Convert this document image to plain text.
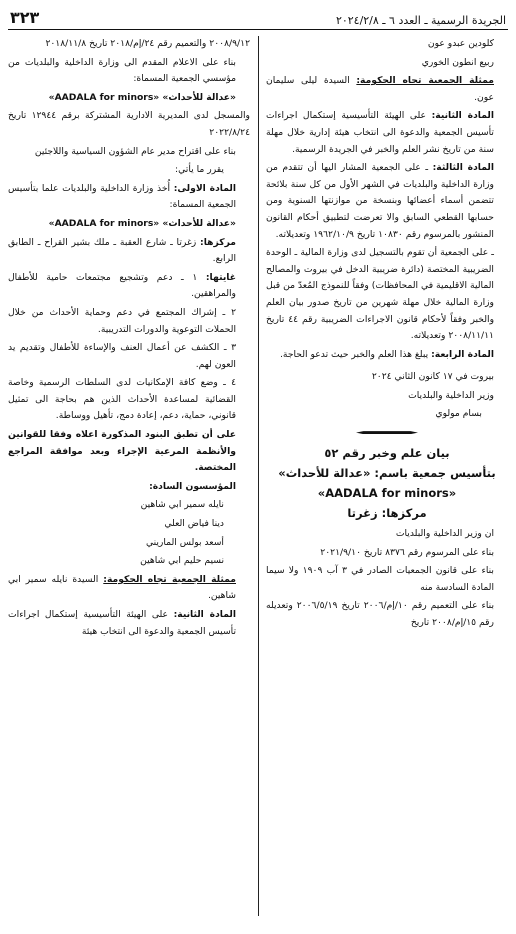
الجريدة الرسمية ـ العدد ٦ ـ ٢٠٢٤/٢/٨
٣٢٣

كلودين عبدو عون

ربيع انطون الخوري

ممثلة الجمعية تجاه الحكومة: السيدة ليلى سليمان عون.

المادة الثانية: على الهيئة التأسيسية إستكمال اجراءات تأسيس الجمعية والدعوة الى انتخاب هيئة إدارية خلال مهلة سنة من تاريخ نشر العلم والخبر في الجريدة الرسمية.

المادة الثالثة: ـ على الجمعية المشار اليها أن تتقدم من وزارة الداخلية والبلديات في الشهر الأول من كل سنة بلائحة تتضمن أسماء أعضائها وبنسخة من موازنتها السنوية ومن حسابها القطعي السابق والا تعرضت لتطبيق أحكام القانون المنشور بالمرسوم رقم ١٠٨٣٠ تاريخ ١٩٦٢/١٠/٩ وتعديلاته.

ـ على الجمعية أن تقوم بالتسجيل لدى وزارة المالية ـ الوحدة الضريبية المختصة (دائرة ضريبية الدخل في بيروت والمصالح المالية الاقليمية في المحافظات) وفقاً للنموذج المُعدّ من قبل وزارة المالية خلال مهلة شهرين من تاريخ صدور بيان العلم والخبر وفقاً لأحكام قانون الاجراءات الضريبية رقم ٤٤ تاريخ ٢٠٠٨/١١/١١ وتعديلاته.

المادة الرابعة: يبلغ هذا العلم والخبر حيث تدعو الحاجة.

بيروت في ١٧ كانون الثاني ٢٠٢٤

وزير الداخلية والبلديات

بسام مولوي

بيان علم وخبر رقم ٥٢

بتأسيس جمعية باسم: «عدالة للأحداث»

«AADALA for minors»

مركزها: زغرتا

ان وزير الداخلية والبلديات

بناء على المرسوم رقم ٨٣٧٦ تاريخ ٢٠٢١/٩/١٠

بناء على قانون الجمعيات الصادر في ٣ آب ١٩٠٩ ولا سيما المادة السادسة منه

بناء على التعميم رقم ١٠/إم/٢٠٠٦ تاريخ ٢٠٠٦/٥/١٩ وتعديله رقم ١٥/إم/٢٠٠٨ تاريخ

٢٠٠٨/٩/١٢ والتعميم رقم ٢٤/إم/٢٠١٨ تاريخ ٢٠١٨/١١/٨

بناء على الاعلام المقدم الى وزارة الداخلية والبلديات من مؤسسي الجمعية المسماة:

«عدالة للأحداث» «AADALA for minors»

والمسجل لدى المديرية الادارية المشتركة برقم ١٢٩٤٤ تاريخ ٢٠٢٢/٨/٢٤

بناء على اقتراح مدير عام الشؤون السياسية واللاجئين

يقرر ما يأتي:

المادة الاولى: أُخذ وزارة الداخلية والبلديات علما بتأسيس الجمعية المسماة:

«عدالة للأحداث» «AADALA for minors»

مركزها: زغرتا ـ شارع العقبة ـ ملك بشير القراح ـ الطابق الرابع.

غايتها: ١ ـ دعم وتشجيع مجتمعات حامية للأطفال والمراهقين.

٢ ـ إشراك المجتمع في دعم وحماية الأحداث من خلال الحملات التوعوية والدورات التدريبية.

٣ ـ الكشف عن أعمال العنف والإساءة للأطفال وتقديم يد العون لهم.

٤ ـ وضع كافة الإمكانيات لدى السلطات الرسمية وخاصة القضائية لمساعدة الأحداث الذين هم بحاجة الى تمثيل قانوني، حماية، دعم، إعادة دمج، تأهيل ووساطة.

على أن تطبق البنود المذكورة اعلاه وفقا للقوانين والأنظمة المرعية الإجراء وبعد موافقة المراجع المختصة.

المؤسسون السادة:

نايله سمير ابي شاهين

دينا فياض العلي

أسعد بولس الماريني

نسيم حليم ابي شاهين

ممثلة الجمعية تجاه الحكومة: السيدة نايله سمير ابي شاهين.

المادة الثانية: على الهيئة التأسيسية إستكمال اجراءات تأسيس الجمعية والدعوة الى انتخاب هيئة
